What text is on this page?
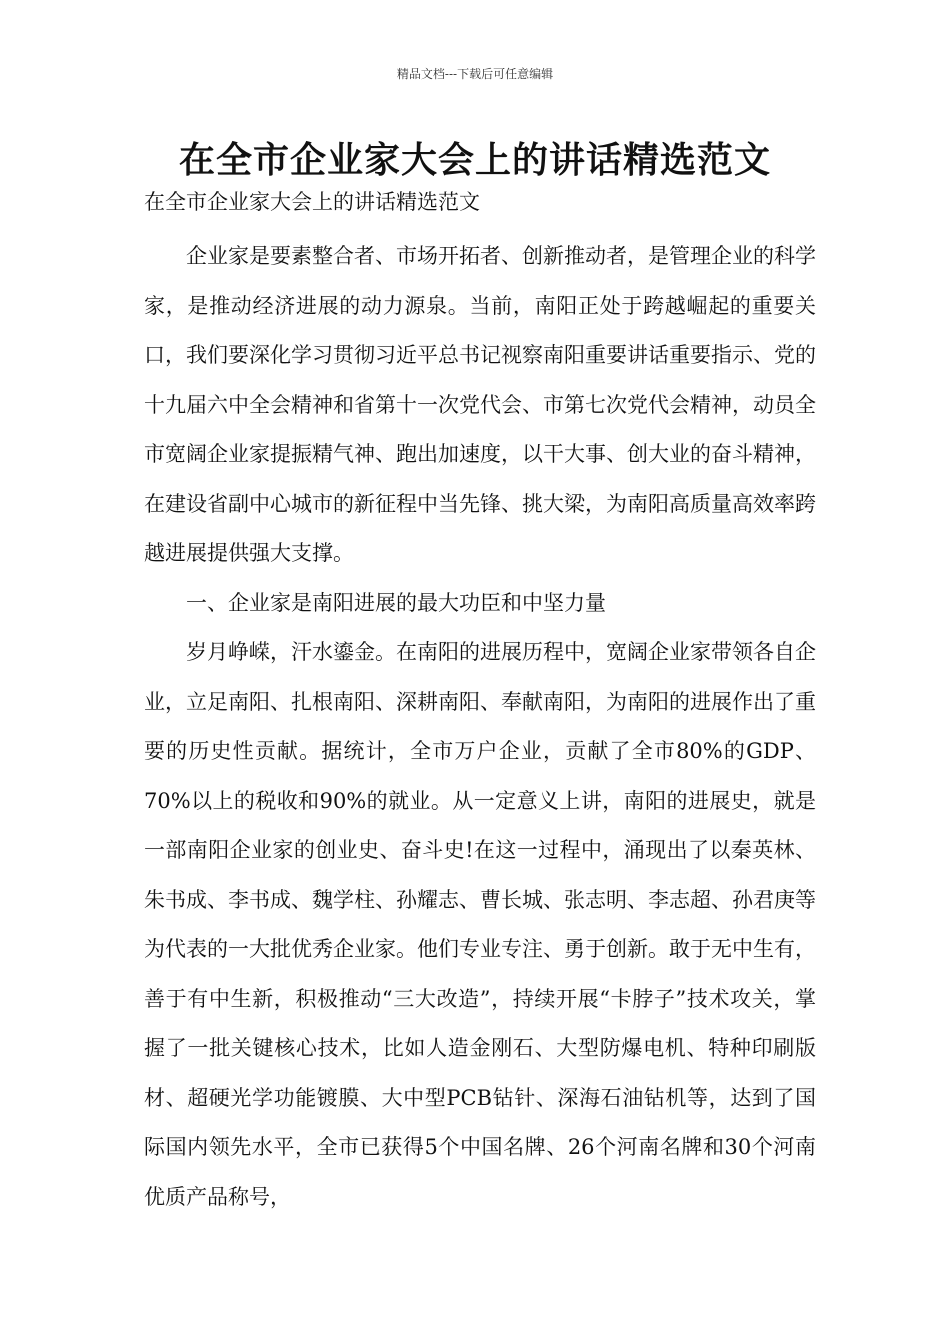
精品文档---下载后可任意编辑
在全市企业家大会上的讲话精选范文
在全市企业家大会上的讲话精选范文

企业家是要素整合者、市场开拓者、创新推动者，是管理企业的科学家，是推动经济进展的动力源泉。当前，南阳正处于跨越崛起的重要关口，我们要深化学习贯彻习近平总书记视察南阳重要讲话重要指示、党的十九届六中全会精神和省第十一次党代会、市第七次党代会精神，动员全市宽阔企业家提振精气神、跑出加速度，以干大事、创大业的奋斗精神，在建设省副中心城市的新征程中当先锋、挑大梁，为南阳高质量高效率跨越进展提供强大支撑。

一、企业家是南阳进展的最大功臣和中坚力量

岁月峥嵘，汗水鎏金。在南阳的进展历程中，宽阔企业家带领各自企业，立足南阳、扎根南阳、深耕南阳、奉献南阳，为南阳的进展作出了重要的历史性贡献。据统计，全市万户企业，贡献了全市80%的GDP、70%以上的税收和90%的就业。从一定意义上讲，南阳的进展史，就是一部南阳企业家的创业史、奋斗史!在这一过程中，涌现出了以秦英林、朱书成、李书成、魏学柱、孙耀志、曹长城、张志明、李志超、孙君庚等为代表的一大批优秀企业家。他们专业专注、勇于创新。敢于无中生有，善于有中生新，积极推动“三大改造”，持续开展“卡脖子”技术攻关，掌握了一批关键核心技术，比如人造金刚石、大型防爆电机、特种印刷版材、超硬光学功能镀膜、大中型PCB钻针、深海石油钻机等，达到了国际国内领先水平，全市已获得5个中国名牌、26个河南名牌和30个河南优质产品称号，
